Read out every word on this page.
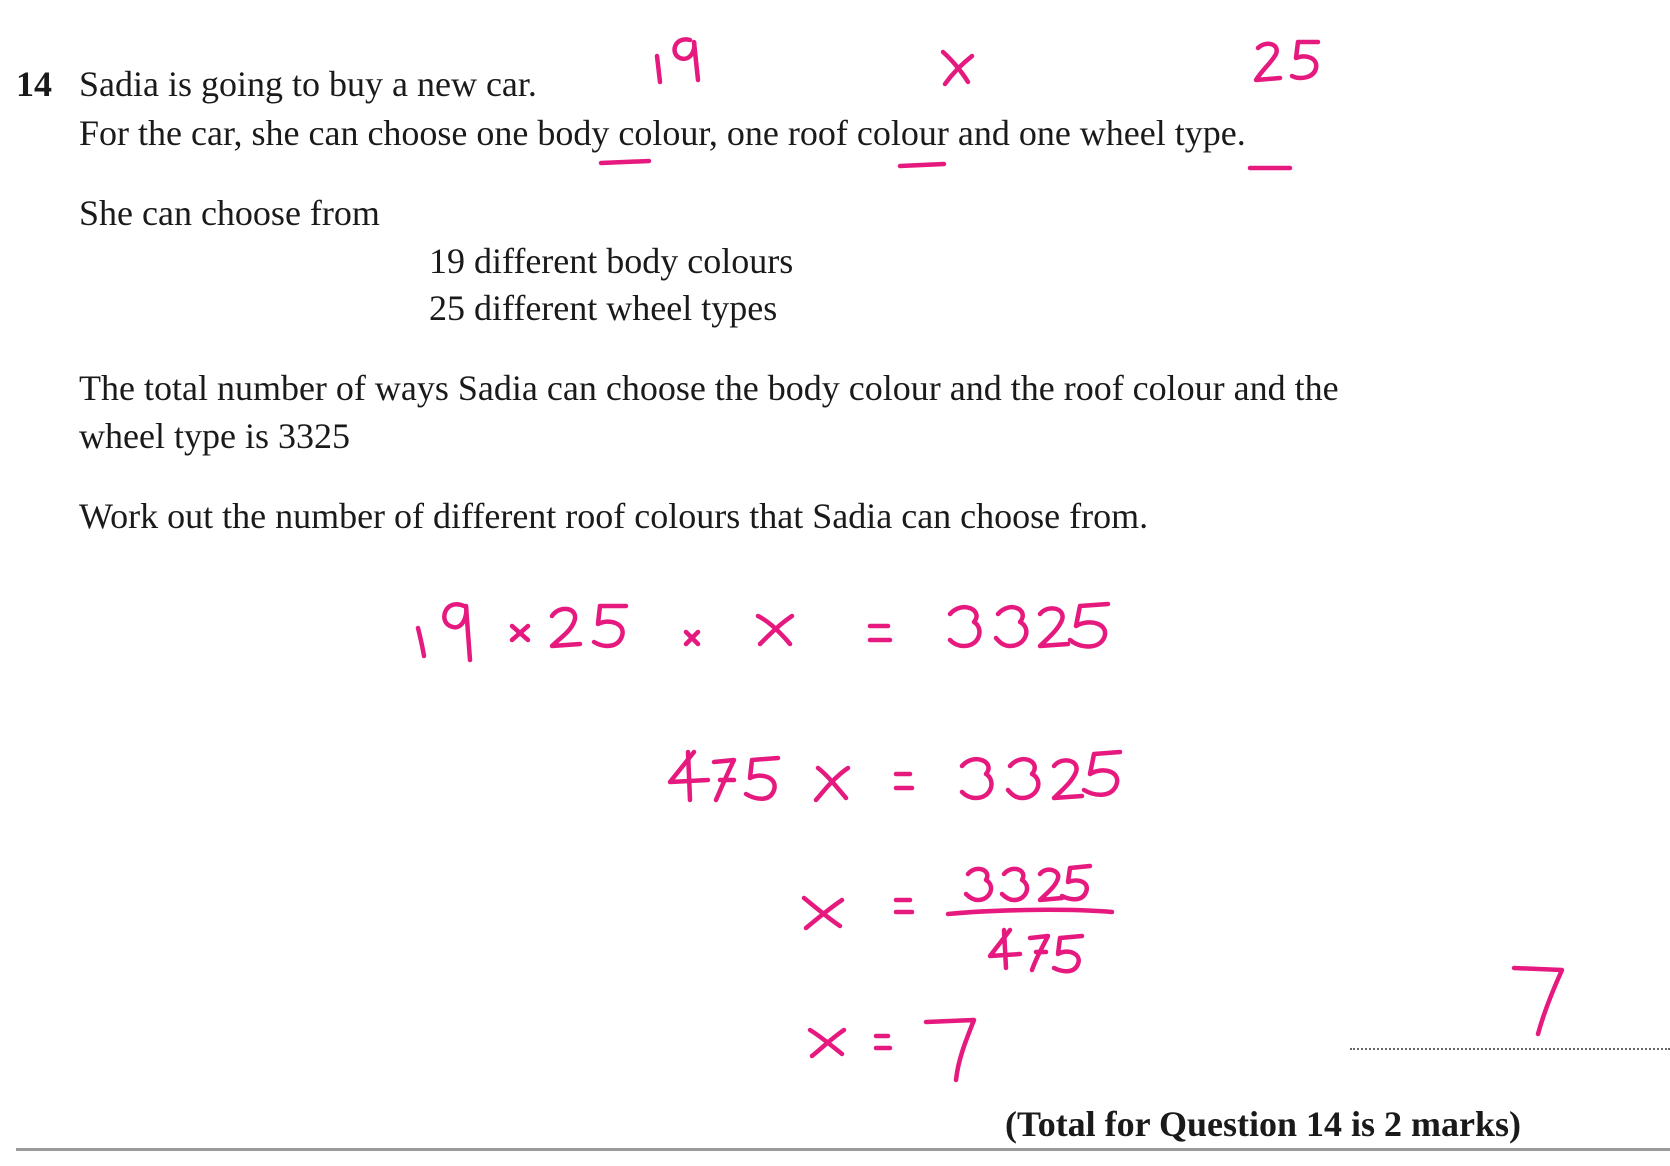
14 Sadia is going to buy a new car.
For the car, she can choose one body colour, one roof colour and one wheel type.
She can choose from
19 different body colours
25 different wheel types
The total number of ways Sadia can choose the body colour and the roof colour and the
wheel type is 3325
Work out the number of different roof colours that Sadia can choose from.
(Total for Question 14 is 2 marks)
